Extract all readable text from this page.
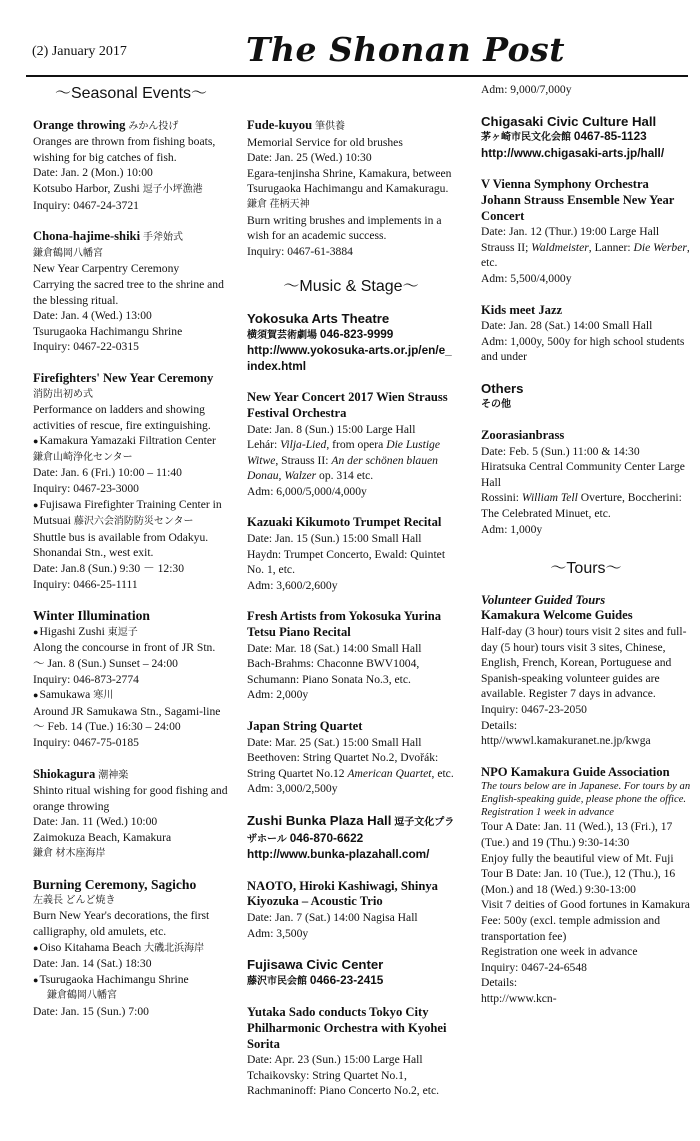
(2) January 2017	The Shonan Post
～Seasonal Events～

Orange throwing みかん投げ

Oranges are thrown from fishing boats, wishing for big catches of fish.

Date: Jan. 2 (Mon.) 10:00

Kotsubo Harbor, Zushi 逗子小坪漁港

Inquiry: 0467-24-3721

Chona-hajime-shiki 手斧始式

鎌倉鶴岡八幡宮

New Year Carpentry Ceremony

Carrying the sacred tree to the shrine and the blessing ritual.

Date: Jan. 4 (Wed.) 13:00

Tsurugaoka Hachimangu Shrine

Inquiry: 0467-22-0315

Firefighters' New Year Ceremony

消防出初め式

Performance on ladders and showing activities of rescue, fire extinguishing.

● Kamakura Yamazaki Filtration Center

鎌倉山崎浄化センター

Date: Jan. 6 (Fri.) 10:00 – 11:40

Inquiry: 0467-23-3000

● Fujisawa Firefighter Training Center in Mutsuai 藤沢六会消防防災センター

Shuttle bus is available from Odakyu. Shonandai Stn., west exit.

Date: Jan.8 (Sun.) 9:30 － 12:30

Inquiry: 0466-25-1111

Winter Illumination

● Higashi Zushi 東逗子

Along the concourse in front of JR Stn. ～ Jan. 8 (Sun.) Sunset – 24:00

Inquiry: 046-873-2774

● Samukawa 寒川

Around JR Samukawa Stn., Sagami-line ～ Feb. 14 (Tue.) 16:30 – 24:00

Inquiry: 0467-75-0185

Shiokagura 潮神楽

Shinto ritual wishing for good fishing and orange throwing

Date: Jan. 11 (Wed.) 10:00

Zaimokuza Beach, Kamakura

鎌倉 材木座海岸

Burning Ceremony, Sagicho

左義長 どんど焼き

Burn New Year's decorations, the first calligraphy, old amulets, etc.

● Oiso Kitahama Beach 大磯北浜海岸

Date: Jan. 14 (Sat.) 18:30

● Tsurugaoka Hachimangu Shrine

鎌倉鶴岡八幡宮

Date: Jan. 15 (Sun.) 7:00

Fude-kuyou 筆供養

Memorial Service for old brushes

Date: Jan. 25 (Wed.) 10:30

Egara-tenjinsha Shrine, Kamakura, between Tsurugaoka Hachimangu and Kamakuragu.

鎌倉 荏柄天神

Burn writing brushes and implements in a wish for an academic success.

Inquiry: 0467-61-3884

～Music & Stage～

Yokosuka Arts Theatre

横須賀芸術劇場 046-823-9999

http://www.yokosuka-arts.or.jp/en/e_index.html

New Year Concert 2017 Wien Strauss Festival Orchestra

Date: Jan. 8 (Sun.) 15:00 Large Hall

Lehár: Vilja-Lied, from opera Die Lustige Witwe, Strauss II: An der schönen blauen Donau, Walzer op. 314 etc.

Adm: 6,000/5,000/4,000y

Kazuaki Kikumoto Trumpet Recital

Date: Jan. 15 (Sun.) 15:00 Small Hall

Haydn: Trumpet Concerto, Ewald: Quintet No. 1, etc.

Adm: 3,600/2,600y

Fresh Artists from Yokosuka Yurina Tetsu Piano Recital

Date: Mar. 18 (Sat.) 14:00 Small Hall

Bach-Brahms: Chaconne BWV1004, Schumann: Piano Sonata No.3, etc.

Adm: 2,000y

Japan String Quartet

Date: Mar. 25 (Sat.) 15:00 Small Hall

Beethoven: String Quartet No.2, Dvořák: String Quartet No.12 American Quartet, etc.

Adm: 3,000/2,500y

Zushi Bunka Plaza Hall 逗子文化プラザホール 046-870-6622

http://www.bunka-plazahall.com/

NAOTO, Hiroki Kashiwagi, Shinya Kiyozuka – Acoustic Trio

Date: Jan. 7 (Sat.) 14:00 Nagisa Hall

Adm: 3,500y

Fujisawa Civic Center

藤沢市民会館 0466-23-2415

Yutaka Sado conducts Tokyo City Philharmonic Orchestra with Kyohei Sorita

Date: Apr. 23 (Sun.) 15:00 Large Hall

Tchaikovsky: String Quartet No.1, Rachmaninoff: Piano Concerto No.2, etc.

Adm: 9,000/7,000y

Chigasaki Civic Culture Hall

茅ヶ崎市民文化会館 0467-85-1123

http://www.chigasaki-arts.jp/hall/

V Vienna Symphony Orchestra Johann Strauss Ensemble New Year Concert

Date: Jan. 12 (Thur.) 19:00 Large Hall

Strauss II; Waldmeister, Lanner: Die Werber, etc.

Adm: 5,500/4,000y

Kids meet Jazz

Date: Jan. 28 (Sat.) 14:00 Small Hall

Adm: 1,000y, 500y for high school students and under

Others

その他

Zoorasianbrass

Date: Feb. 5 (Sun.) 11:00 & 14:30

Hiratsuka Central Community Center Large Hall

Rossini: William Tell Overture, Boccherini: The Celebrated Minuet, etc.

Adm: 1,000y

～Tours～

Volunteer Guided Tours

Kamakura Welcome Guides

Half-day (3 hour) tours visit 2 sites and full-day (5 hour) tours visit 3 sites, Chinese, English, French, Korean, Portuguese and Spanish-speaking volunteer guides are available. Register 7 days in advance.

Inquiry: 0467-23-2050

Details:

http//wwwl.kamakuranet.ne.jp/kwga

NPO Kamakura Guide Association

The tours below are in Japanese. For tours by an English-speaking guide, please phone the office. Registration 1 week in advance

Tour A Date: Jan. 11 (Wed.), 13 (Fri.), 17 (Tue.) and 19 (Thu.) 9:30-14:30

Enjoy fully the beautiful view of Mt. Fuji

Tour B Date: Jan. 10 (Tue.), 12 (Thu.), 16 (Mon.) and 18 (Wed.) 9:30-13:00

Visit 7 deities of Good fortunes in Kamakura

Fee: 500y (excl. temple admission and transportation fee)

Registration one week in advance

Inquiry: 0467-24-6548

Details:

http://www.kcn-
